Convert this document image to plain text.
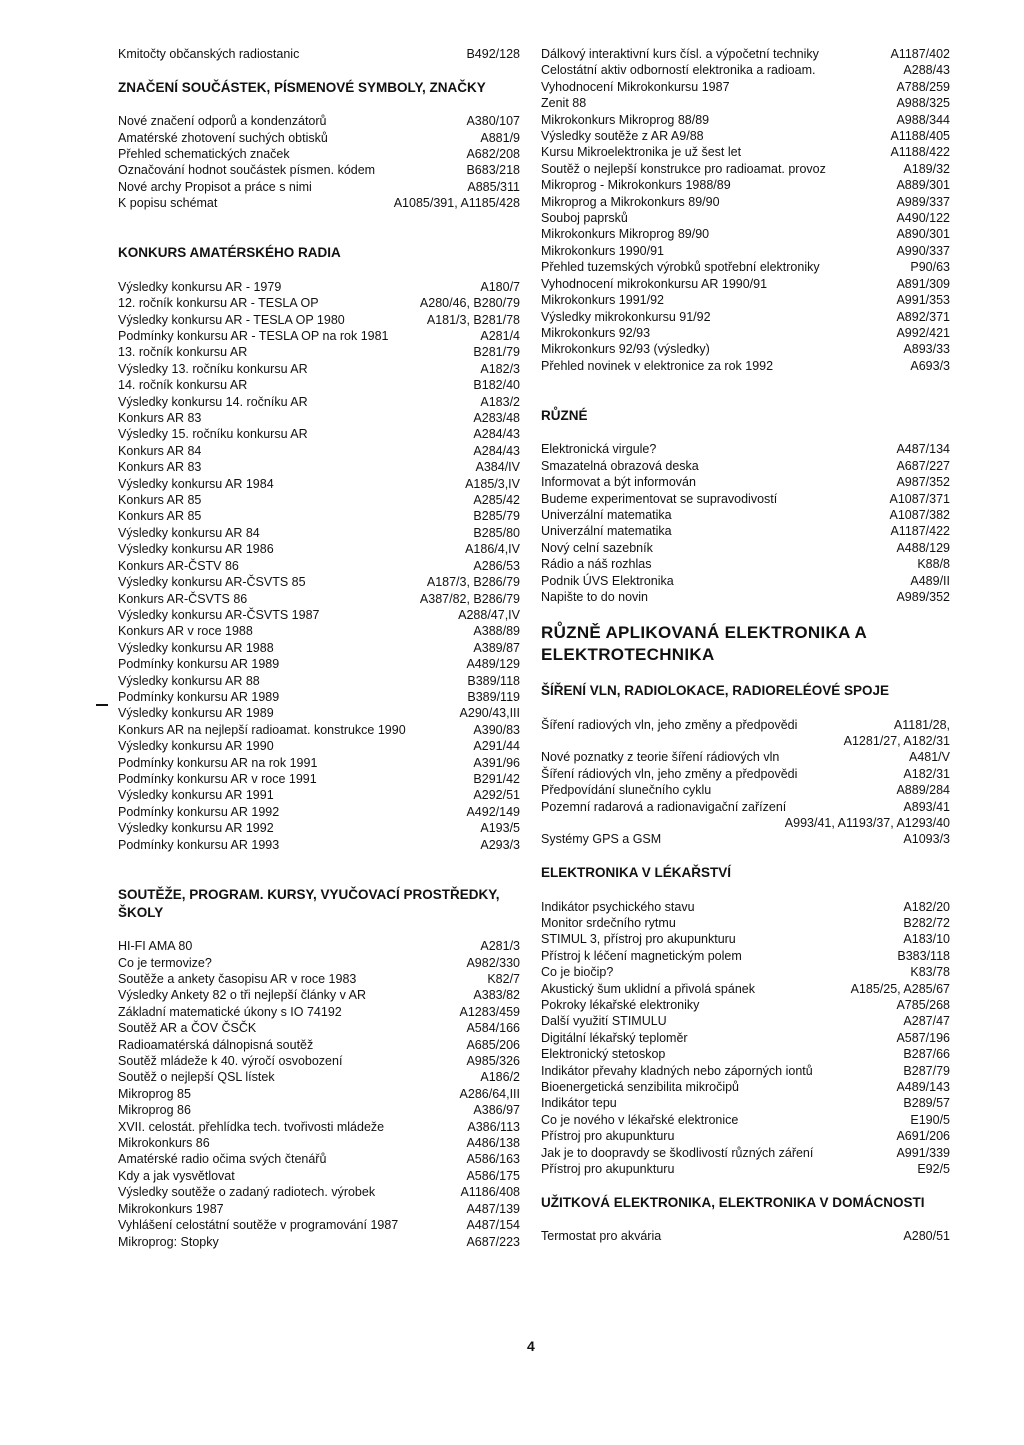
Kmitočty občanských radiostanic	B492/128
ZNAČENÍ SOUČÁSTEK, PÍSMENOVÉ SYMBOLY, ZNAČKY
Nové značení odporů a kondenzátorů	A380/107
Amatérské zhotovení suchých obtisků	A881/9
Přehled schematických značek	A682/208
Označování hodnot součástek písmen. kódem	B683/218
Nové archy Propisot a práce s nimi	A885/311
K popisu schémat	A1085/391, A1185/428
KONKURS AMATÉRSKÉHO RADIA
Výsledky konkursu AR - 1979	A180/7
12. ročník konkursu AR - TESLA OP	A280/46, B280/79
Výsledky konkursu AR - TESLA OP 1980	A181/3, B281/78
Podmínky konkursu AR - TESLA OP na rok 1981	A281/4
13. ročník konkursu AR	B281/79
Výsledky 13. ročníku konkursu AR	A182/3
14. ročník konkursu AR	B182/40
Výsledky konkursu 14. ročníku AR	A183/2
Konkurs AR 83	A283/48
Výsledky 15. ročníku konkursu AR	A284/43
Konkurs AR 84	A284/43
Konkurs AR 83	A384/IV
Výsledky konkursu AR 1984	A185/3,IV
Konkurs AR 85	A285/42
Konkurs AR 85	B285/79
Výsledky konkursu AR 84	B285/80
Výsledky konkursu AR 1986	A186/4,IV
Konkurs AR-ČSTV 86	A286/53
Výsledky konkursu AR-ČSVTS 85	A187/3, B286/79
Konkurs AR-ČSVTS 86	A387/82, B286/79
Výsledky konkursu AR-ČSVTS 1987	A288/47,IV
Konkurs AR v roce 1988	A388/89
Výsledky konkursu AR 1988	A389/87
Podmínky konkursu AR 1989	A489/129
Výsledky konkursu AR 88	B389/118
Podmínky konkursu AR 1989	B389/119
Výsledky konkursu AR 1989	A290/43,III
Konkurs AR na nejlepší radioamat. konstrukce 1990	A390/83
Výsledky konkursu AR 1990	A291/44
Podmínky konkursu AR na rok 1991	A391/96
Podmínky konkursu AR v roce 1991	B291/42
Výsledky konkursu AR 1991	A292/51
Podmínky konkursu AR 1992	A492/149
Výsledky konkursu AR 1992	A193/5
Podmínky konkursu AR 1993	A293/3
SOUTĚŽE, PROGRAM. KURSY, VYUČOVACÍ PROSTŘEDKY, ŠKOLY
HI-FI AMA 80	A281/3
Co je termovize?	A982/330
Soutěže a ankety časopisu AR v roce 1983	K82/7
Výsledky Ankety 82 o tři nejlepší články v AR	A383/82
Základní matematické úkony s IO 74192	A1283/459
Soutěž AR a ČOV ČSČK	A584/166
Radioamatérská dálnopisná soutěž	A685/206
Soutěž mládeže k 40. výročí osvobození	A985/326
Soutěž o nejlepší QSL lístek	A186/2
Mikroprog 85	A286/64,III
Mikroprog 86	A386/97
XVII. celostát. přehlídka tech. tvořivosti mládeže	A386/113
Mikrokonkurs 86	A486/138
Amatérské radio očima svých čtenářů	A586/163
Kdy a jak vysvětlovat	A586/175
Výsledky soutěže o zadaný radiotech. výrobek	A1186/408
Mikrokonkurs 1987	A487/139
Vyhlášení celostátní soutěže v programování 1987	A487/154
Mikroprog: Stopky	A687/223
Dálkový interaktivní kurs čísl. a výpočetní techniky	A1187/402
Celostátní aktiv odborností elektronika a radioam.	A288/43
Vyhodnocení Mikrokonkursu 1987	A788/259
Zenit 88	A988/325
Mikrokonkurs Mikroprog 88/89	A988/344
Výsledky soutěže z AR A9/88	A1188/405
Kursu Mikroelektronika je už šest let	A1188/422
Soutěž o nejlepší konstrukce pro radioamat. provoz	A189/32
Mikroprog - Mikrokonkurs 1988/89	A889/301
Mikroprog a Mikrokonkurs 89/90	A989/337
Souboj paprsků	A490/122
Mikrokonkurs Mikroprog 89/90	A890/301
Mikrokonkurs 1990/91	A990/337
Přehled tuzemských výrobků spotřební elektroniky	P90/63
Vyhodnocení mikrokonkursu AR 1990/91	A891/309
Mikrokonkurs 1991/92	A991/353
Výsledky mikrokonkursu 91/92	A892/371
Mikrokonkurs 92/93	A992/421
Mikrokonkurs 92/93 (výsledky)	A893/33
Přehled novinek v elektronice za rok 1992	A693/3
RŮZNÉ
Elektronická virgule?	A487/134
Smazatelná obrazová deska	A687/227
Informovat a být informován	A987/352
Budeme experimentovat se supravodivostí	A1087/371
Univerzální matematika	A1087/382
Univerzální matematika	A1187/422
Nový celní sazebník	A488/129
Rádio a náš rozhlas	K88/8
Podnik ÚVS Elektronika	A489/II
Napište to do novin	A989/352
RŮZNĚ APLIKOVANÁ ELEKTRONIKA A ELEKTROTECHNIKA
ŠÍŘENÍ VLN, RADIOLOKACE, RADIORELÉOVÉ SPOJE
Šíření radiových vln, jeho změny a předpovědi	A1181/28,
A1281/27, A182/31
Nové poznatky z teorie šíření rádiových vln	A481/V
Šíření rádiových vln, jeho změny a předpovědi	A182/31
Předpovídání slunečního cyklu	A889/284
Pozemní radarová a radionavigační zařízení	A893/41
A993/41, A1193/37, A1293/40
Systémy GPS a GSM	A1093/3
ELEKTRONIKA V LÉKAŘSTVÍ
Indikátor psychického stavu	A182/20
Monitor srdečního rytmu	B282/72
STIMUL 3, přístroj pro akupunkturu	A183/10
Přístroj k léčení magnetickým polem	B383/118
Co je biočip?	K83/78
Akustický šum uklidní a přivolá spánek	A185/25, A285/67
Pokroky lékařské elektroniky	A785/268
Další využití STIMULU	A287/47
Digitální lékařský teploměr	A587/196
Elektronický stetoskop	B287/66
Indikátor převahy kladných nebo záporných iontů	B287/79
Bioenergetická senzibilita mikročipů	A489/143
Indikátor tepu	B289/57
Co je nového v lékařské elektronice	E190/5
Přístroj pro akupunkturu	A691/206
Jak je to doopravdy se škodlivostí různých záření	A991/339
Přístroj pro akupunkturu	E92/5
UŽITKOVÁ ELEKTRONIKA, ELEKTRONIKA V DOMÁCNOSTI
Termostat pro akvária	A280/51
4
